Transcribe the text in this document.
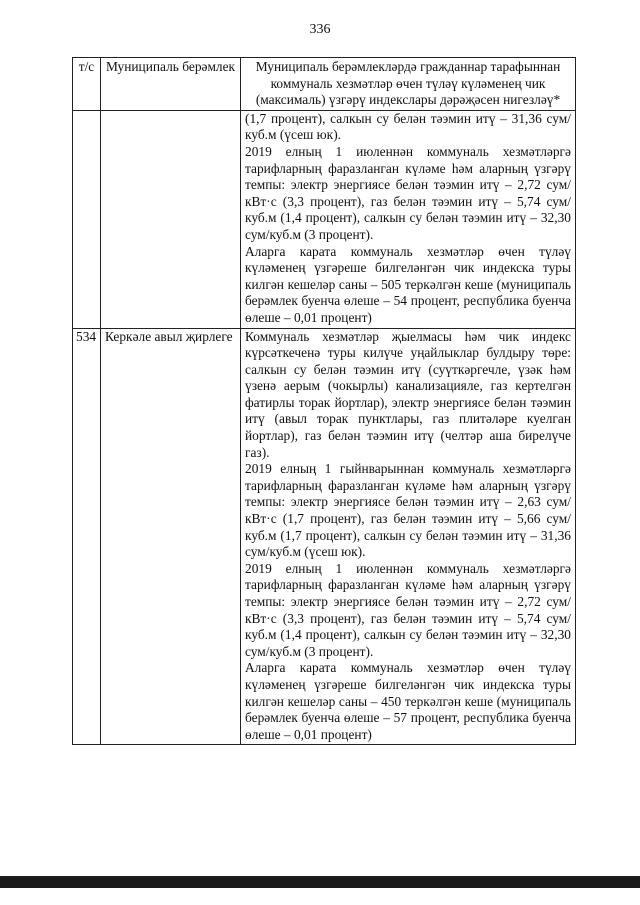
336
т/с	Муниципаль берәмлек	Муниципаль берәмлекләрдә гражданнар тарафыннан коммуналь хезмәтләр өчен түләү күләменең чик (максималь) үзгәрү индекслары дәрәҗәсен нигезләү*

		(1,7 процент), салкын су белән тәэмин итү – 31,36 сум/куб.м (үсеш юк).

2019 елның 1 июленнән коммуналь хезмәтләргә тарифларның фаразланган күләме һәм аларның үзгәрү темпы: электр энергиясе белән тәэмин итү – 2,72 сум/кВт·с (3,3 процент), газ белән тәэмин итү – 5,74 сум/куб.м (1,4 процент), салкын су белән тәэмин итү – 32,30 сум/куб.м (3 процент).

Аларга карата коммуналь хезмәтләр өчен түләү күләменең үзгәреше билгеләнгән чик индекска туры килгән кешеләр саны – 505 теркәлгән кеше (муниципаль берәмлек буенча өлеше – 54 процент, республика буенча өлеше – 0,01 процент)

534	Керкәле авыл җирлеге	Коммуналь хезмәтләр җыелмасы һәм чик индекс күрсәткеченә туры килүче уңайлыклар булдыру төре: салкын су белән тәэмин итү (суүткәргечле, үзәк һәм үзенә аерым (чокырлы) канализацияле, газ кертелгән фатирлы торак йортлар), электр энергиясе белән тәэмин итү (авыл торак пунктлары, газ плитәләре куелган йортлар), газ белән тәэмин итү (челтәр аша бирелүче газ).

2019 елның 1 гыйнварыннан коммуналь хезмәтләргә тарифларның фаразланган күләме һәм аларның үзгәрү темпы: электр энергиясе белән тәэмин итү – 2,63 сум/кВт·с (1,7 процент), газ белән тәэмин итү – 5,66 сум/куб.м (1,7 процент), салкын су белән тәэмин итү – 31,36 сум/куб.м (үсеш юк).

2019 елның 1 июленнән коммуналь хезмәтләргә тарифларның фаразланган күләме һәм аларның үзгәрү темпы: электр энергиясе белән тәэмин итү – 2,72 сум/кВт·с (3,3 процент), газ белән тәэмин итү – 5,74 сум/куб.м (1,4 процент), салкын су белән тәэмин итү – 32,30 сум/куб.м (3 процент).

Аларга карата коммуналь хезмәтләр өчен түләү күләменең үзгәреше билгеләнгән чик индекска туры килгән кешеләр саны – 450 теркәлгән кеше (муниципаль берәмлек буенча өлеше – 57 процент, республика буенча өлеше – 0,01 процент)
